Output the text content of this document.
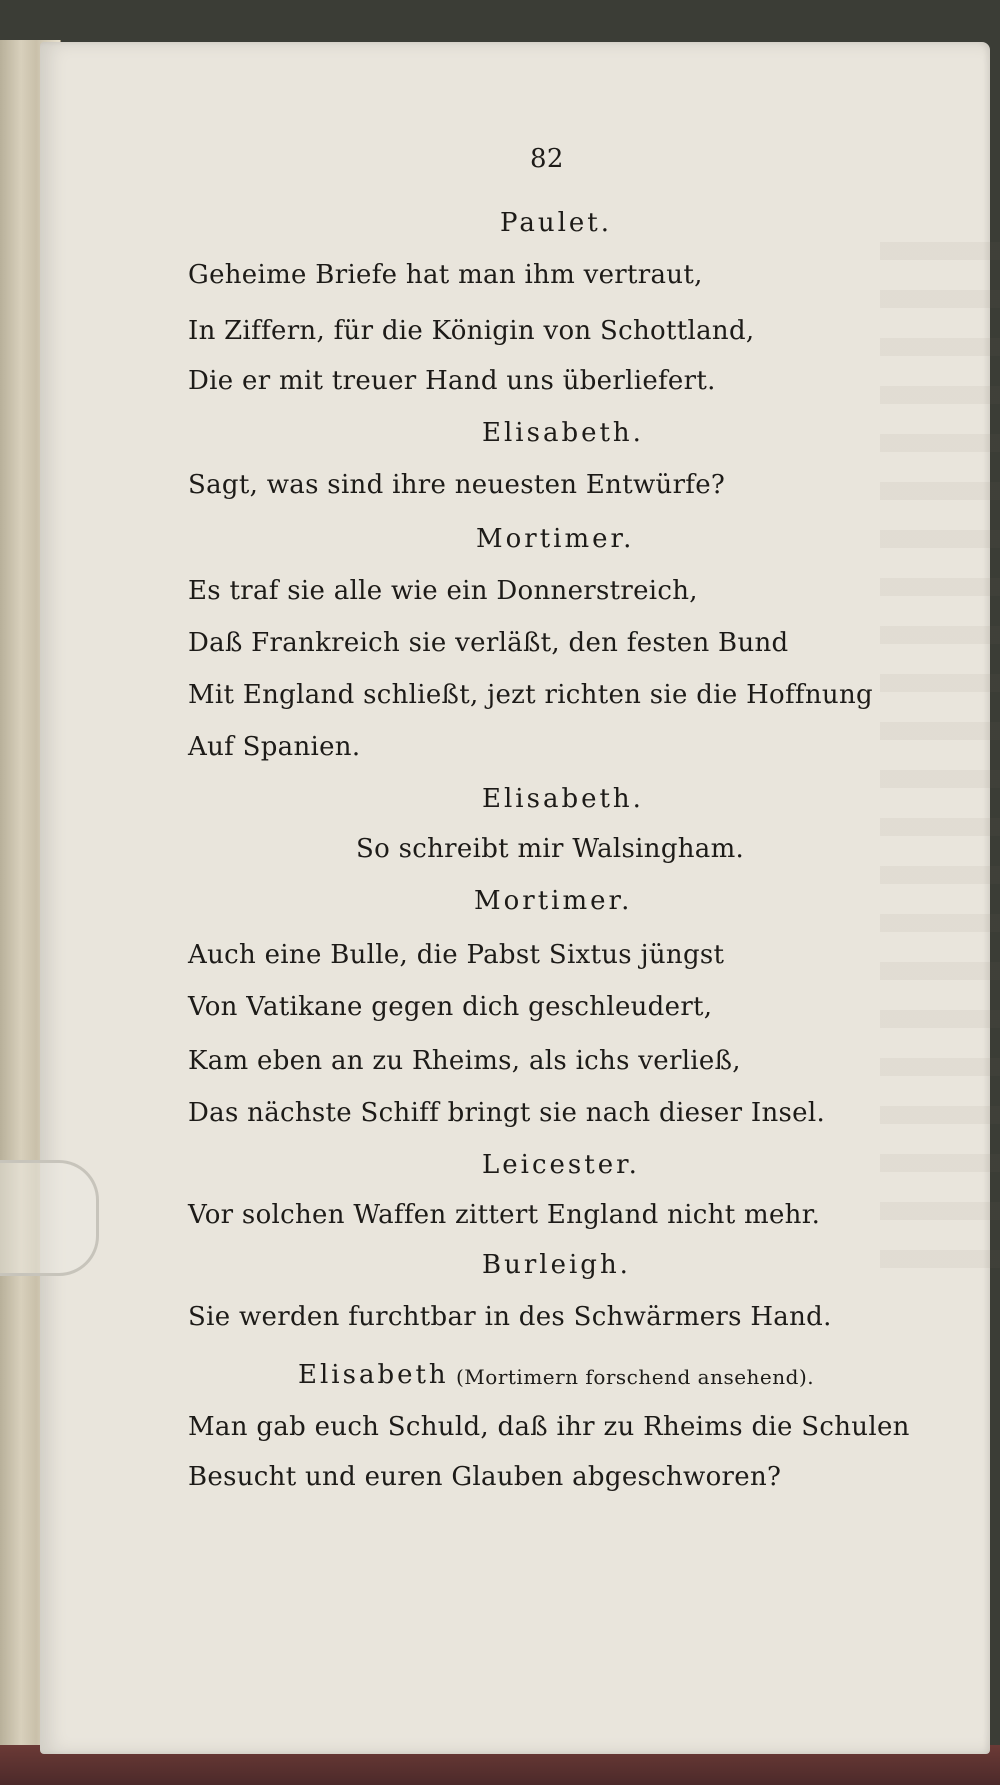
82
Paulet.
Geheime Briefe hat man ihm vertraut,
In Ziffern, für die Königin von Schottland,
Die er mit treuer Hand uns überliefert.
Elisabeth.
Sagt, was sind ihre neuesten Entwürfe?
Mortimer.
Es traf sie alle wie ein Donnerstreich,
Daß Frankreich sie verläßt, den festen Bund
Mit England schließt, jezt richten sie die Hoffnung
Auf Spanien.
Elisabeth.
So schreibt mir Walsingham.
Mortimer.
Auch eine Bulle, die Pabst Sixtus jüngst
Von Vatikane gegen dich geschleudert,
Kam eben an zu Rheims, als ichs verließ,
Das nächste Schiff bringt sie nach dieser Insel.
Leicester.
Vor solchen Waffen zittert England nicht mehr.
Burleigh.
Sie werden furchtbar in des Schwärmers Hand.
Elisabeth (Mortimern forschend ansehend).
Man gab euch Schuld, daß ihr zu Rheims die Schulen
Besucht und euren Glauben abgeschworen?
